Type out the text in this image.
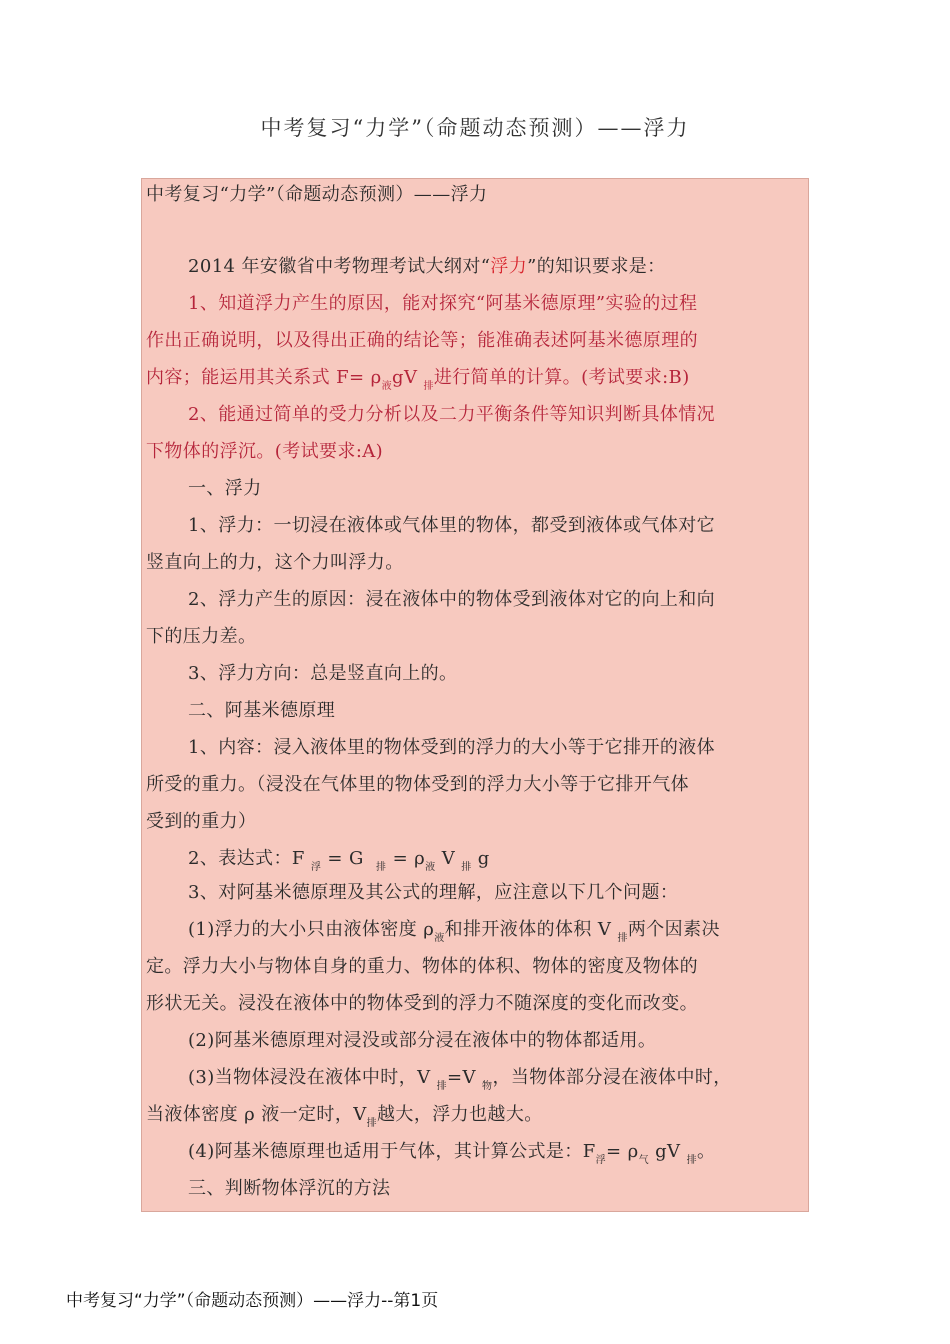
中考复习“力学”（命题动态预测）——浮力
中考复习“力学”（命题动态预测）——浮力
2014 年安徽省中考物理考试大纲对“浮力”的知识要求是：
1、知道浮力产生的原因，能对探究“阿基米德原理”实验的过程
作出正确说明，以及得出正确的结论等；能准确表述阿基米德原理的
内容；能运用其关系式 $F= \rho_液gV$ $_排$进行简单的计算。(考试要求:B)
2、能通过简单的受力分析以及二力平衡条件等知识判断具体情况
下物体的浮沉。(考试要求:A)
一、浮力
1、浮力：一切浸在液体或气体里的物体，都受到液体或气体对它
竖直向上的力，这个力叫浮力。
2、浮力产生的原因：浸在液体中的物体受到液体对它的向上和向
下的压力差。
3、浮力方向：总是竖直向上的。
二、阿基米德原理
1、内容：浸入液体里的物体受到的浮力的大小等于它排开的液体
所受的重力。（浸没在气体里的物体受到的浮力大小等于它排开气体
受到的重力）
2、表达式：F $_浮$ = G  $_排 = \rho_液$ V $_排$ g
3、对阿基米德原理及其公式的理解，应注意以下几个问题：
(1)浮力的大小只由液体密度 $\rho_液$和排开液体的体积 V $_排$两个因素决
定。浮力大小与物体自身的重力、物体的体积、物体的密度及物体的
形状无关。浸没在液体中的物体受到的浮力不随深度的变化而改变。
(2)阿基米德原理对浸没或部分浸在液体中的物体都适用。
(3)当物体浸没在液体中时，V $_排$=V $_物$，当物体部分浸在液体中时，
当液体密度 ρ 液一定时，$V_排$越大，浮力也越大。
(4)阿基米德原理也适用于气体，其计算公式是：$F_浮= \rho_气$ gV $_排$。
三、判断物体浮沉的方法
中考复习“力学”（命题动态预测）——浮力--第1页
